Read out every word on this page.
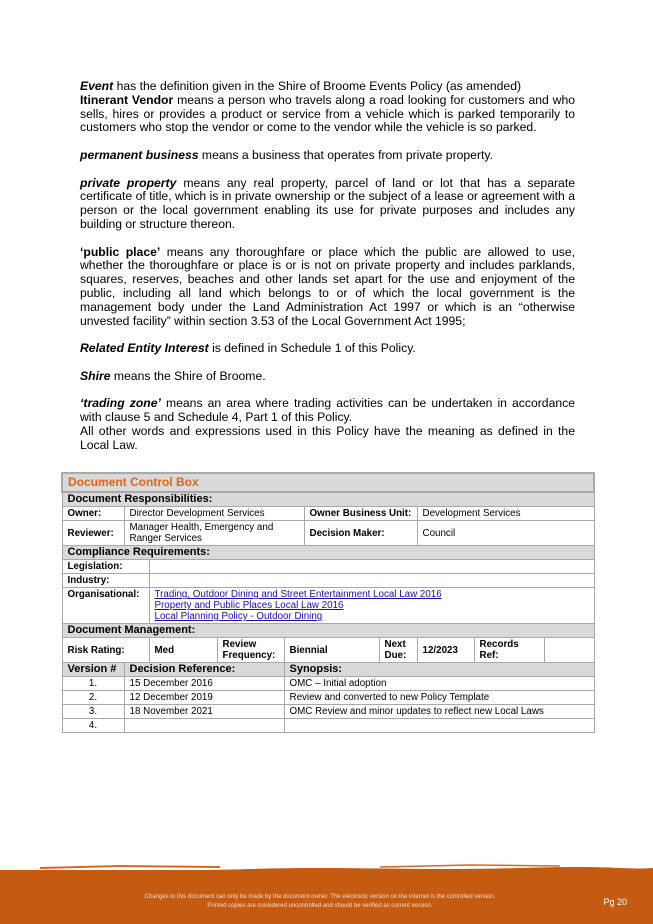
Event has the definition given in the Shire of Broome Events Policy (as amended)
Itinerant Vendor means a person who travels along a road looking for customers and who sells, hires or provides a product or service from a vehicle which is parked temporarily to customers who stop the vendor or come to the vendor while the vehicle is so parked.
permanent business means a business that operates from private property.
private property means any real property, parcel of land or lot that has a separate certificate of title, which is in private ownership or the subject of a lease or agreement with a person or the local government enabling its use for private purposes and includes any building or structure thereon.
‘public place’ means any thoroughfare or place which the public are allowed to use, whether the thoroughfare or place is or is not on private property and includes parklands, squares, reserves, beaches and other lands set apart for the use and enjoyment of the public, including all land which belongs to or of which the local government is the management body under the Land Administration Act 1997 or which is an “otherwise unvested facility” within section 3.53 of the Local Government Act 1995;
Related Entity Interest is defined in Schedule 1 of this Policy.
Shire means the Shire of Broome.
‘trading zone’ means an area where trading activities can be undertaken in accordance with clause 5 and Schedule 4, Part 1 of this Policy.
All other words and expressions used in this Policy have the meaning as defined in the Local Law.
Document Control Box									
Document Responsibilities:									
Owner:	Director Development Services				Owner Business Unit:		Development Services		
Reviewer:	Manager Health, Emergency and Ranger Services				Decision Maker:		Council		
Compliance Requirements:									
Legislation:									
Industry:									
Organisational:		Trading, Outdoor Dining and Street Entertainment Local Law 2016
Property and Public Places Local Law 2016
Local Planning Policy - Outdoor Dining							

Document Management:									
Risk Rating:		Med	Review Frequency:	Biennial		Next Due:	12/2023	Records Ref:	
Version #	Decision Reference:			Synopsis:					
1.	15 December 2016			OMC – Initial adoption					
2.	12 December 2019			Review and converted to new Policy Template					
3.	18 November 2021			OMC Review and minor updates to reflect new Local Laws					
4.									
Changes to this document can only be made by the document owner. The electronic version on the internet is the controlled version.
Printed copies are considered uncontrolled and should be verified as current version.	Pg 20
